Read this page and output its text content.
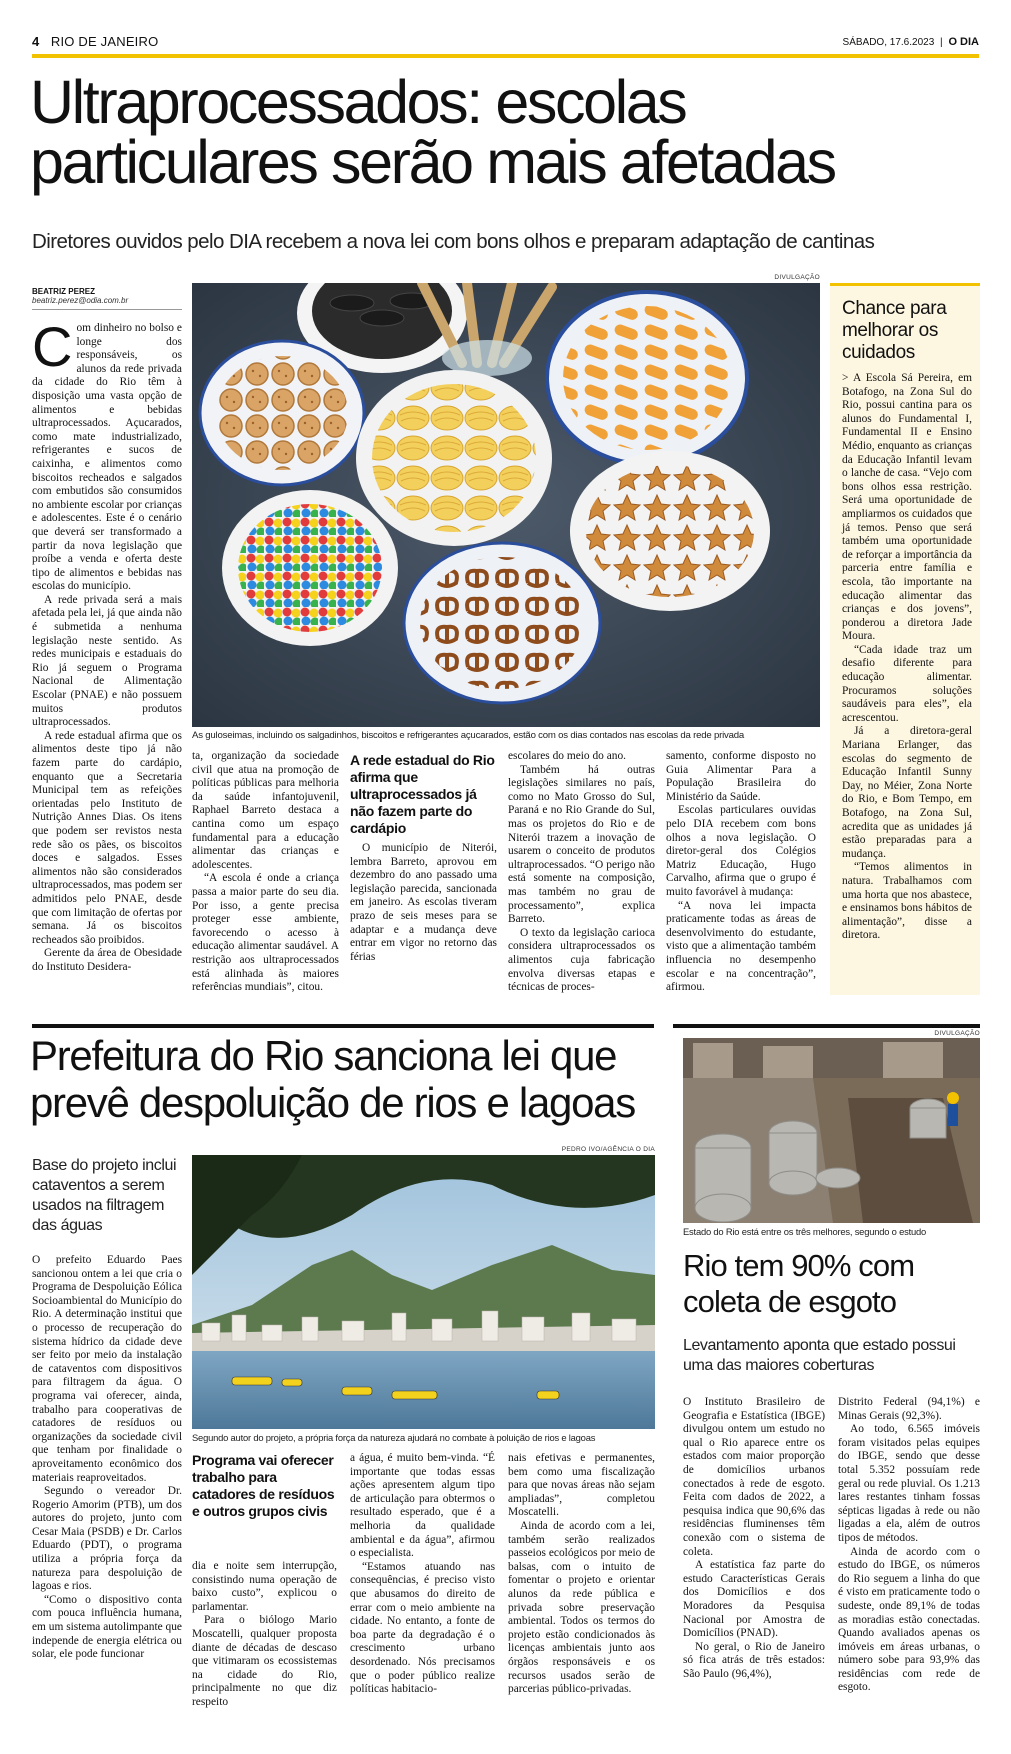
4 RIO DE JANEIRO	SÁBADO, 17.6.2023 | O DIA
Ultraprocessados: escolas
particulares serão mais afetadas
Diretores ouvidos pelo DIA recebem a nova lei com bons olhos e preparam adaptação de cantinas
BEATRIZ PEREZ
beatriz.perez@odia.com.br
DIVULGAÇÃO
As guloseimas, incluindo os salgadinhos, biscoitos e refrigerantes açucarados, estão com os dias contados nas escolas da rede privada

Com dinheiro no bolso e longe dos responsáveis, os alunos da rede privada da cidade do Rio têm à disposição uma vasta opção de alimentos e bebidas ultraprocessados. Açucarados, como mate industrializado, refrigerantes e sucos de caixinha, e alimentos como biscoitos recheados e salgados com embutidos são consumidos no ambiente escolar por crianças e adolescentes. Este é o cenário que deverá ser transformado a partir da nova legislação que proíbe a venda e oferta deste tipo de alimentos e bebidas nas escolas do município.

A rede privada será a mais afetada pela lei, já que ainda não é submetida a nenhuma legislação neste sentido. As redes municipais e estaduais do Rio já seguem o Programa Nacional de Alimentação Escolar (PNAE) e não possuem muitos produtos ultraprocessados.

A rede estadual afirma que os alimentos deste tipo já não fazem parte do cardápio, enquanto que a Secretaria Municipal tem as refeições orientadas pelo Instituto de Nutrição Annes Dias. Os itens que podem ser revistos nesta rede são os pães, os biscoitos doces e salgados. Esses alimentos não são considerados ultraprocessados, mas podem ser admitidos pelo PNAE, desde que com limitação de ofertas por semana. Já os biscoitos recheados são proibidos.

Gerente da área de Obesidade do Instituto Desidera-

ta, organização da sociedade civil que atua na promoção de políticas públicas para melhoria da saúde infantojuvenil, Raphael Barreto destaca a cantina como um espaço fundamental para a educação alimentar das crianças e adolescentes.

“A escola é onde a criança passa a maior parte do seu dia. Por isso, a gente precisa proteger esse ambiente, favorecendo o acesso à educação alimentar saudável. A restrição aos ultraprocessados está alinhada às maiores referências mundiais”, citou.

A rede estadual do Rio afirma que ultraprocessados já não fazem parte do cardápio

O município de Niterói, lembra Barreto, aprovou em dezembro do ano passado uma legislação parecida, sancionada em janeiro. As escolas tiveram prazo de seis meses para se adaptar e a mudança deve entrar em vigor no retorno das férias

escolares do meio do ano.

Também há outras legislações similares no país, como no Mato Grosso do Sul, Paraná e no Rio Grande do Sul, mas os projetos do Rio e de Niterói trazem a inovação de usarem o conceito de produtos ultraprocessados. “O perigo não está somente na composição, mas também no grau de processamento”, explica Barreto.

O texto da legislação carioca considera ultraprocessados os alimentos cuja fabricação envolva diversas etapas e técnicas de proces-

samento, conforme disposto no Guia Alimentar Para a População Brasileira do Ministério da Saúde.

Escolas particulares ouvidas pelo DIA recebem com bons olhos a nova legislação. O diretor-geral dos Colégios Matriz Educação, Hugo Carvalho, afirma que o grupo é muito favorável à mudança:

“A nova lei impacta praticamente todas as áreas de desenvolvimento do estudante, visto que a alimentação também influencia no desempenho escolar e na concentração”, afirmou.

Chance para melhorar os cuidados

> A Escola Sá Pereira, em Botafogo, na Zona Sul do Rio, possui cantina para os alunos do Fundamental I, Fundamental II e Ensino Médio, enquanto as crianças da Educação Infantil levam o lanche de casa. “Vejo com bons olhos essa restrição. Será uma oportunidade de ampliarmos os cuidados que já temos. Penso que será também uma oportunidade de reforçar a importância da parceria entre família e escola, tão importante na educação alimentar das crianças e dos jovens”, ponderou a diretora Jade Moura.

“Cada idade traz um desafio diferente para educação alimentar. Procuramos soluções saudáveis para eles”, ela acrescentou.

Já a diretora-geral Mariana Erlanger, das escolas do segmento de Educação Infantil Sunny Day, no Méier, Zona Norte do Rio, e Bom Tempo, em Botafogo, na Zona Sul, acredita que as unidades já estão preparadas para a mudança.

“Temos alimentos in natura. Trabalhamos com uma horta que nos abastece, e ensinamos bons hábitos de alimentação”, disse a diretora.

Prefeitura do Rio sanciona lei que
prevê despoluição de rios e lagoas
Base do projeto inclui cataventos a serem usados na filtragem das águas
PEDRO IVO/AGÊNCIA O DIA
Segundo autor do projeto, a própria força da natureza ajudará no combate à poluição de rios e lagoas

O prefeito Eduardo Paes sancionou ontem a lei que cria o Programa de Despoluição Eólica Socioambiental do Município do Rio. A determinação institui que o processo de recuperação do sistema hídrico da cidade deve ser feito por meio da instalação de cataventos com dispositivos para filtragem da água. O programa vai oferecer, ainda, trabalho para cooperativas de catadores de resíduos ou organizações da sociedade civil que tenham por finalidade o aproveitamento econômico dos materiais reaproveitados.

Segundo o vereador Dr. Rogerio Amorim (PTB), um dos autores do projeto, junto com Cesar Maia (PSDB) e Dr. Carlos Eduardo (PDT), o programa utiliza a própria força da natureza para despoluição de lagoas e rios.

“Como o dispositivo conta com pouca influência humana, em um sistema autolimpante que independe de energia elétrica ou solar, ele pode funcionar

Programa vai oferecer trabalho para catadores de resíduos e outros grupos civis

dia e noite sem interrupção, consistindo numa operação de baixo custo”, explicou o parlamentar.

Para o biólogo Mario Moscatelli, qualquer proposta diante de décadas de descaso que vitimaram os ecossistemas na cidade do Rio, principalmente no que diz respeito

a água, é muito bem-vinda. “É importante que todas essas ações apresentem algum tipo de articulação para obtermos o resultado esperado, que é a melhoria da qualidade ambiental e da água”, afirmou o especialista.

“Estamos atuando nas consequências, é preciso visto que abusamos do direito de errar com o meio ambiente na cidade. No entanto, a fonte de boa parte da degradação é o crescimento urbano desordenado. Nós precisamos que o poder público realize políticas habitacio-

nais efetivas e permanentes, bem como uma fiscalização para que novas áreas não sejam ampliadas”, completou Moscatelli.

Ainda de acordo com a lei, também serão realizados passeios ecológicos por meio de balsas, com o intuito de fomentar o projeto e orientar alunos da rede pública e privada sobre preservação ambiental. Todos os termos do projeto estão condicionados às licenças ambientais junto aos órgãos responsáveis e os recursos usados serão de parcerias público-privadas.

DIVULGAÇÃO
Estado do Rio está entre os três melhores, segundo o estudo
Rio tem 90% com coleta de esgoto
Levantamento aponta que estado possui uma das maiores coberturas

O Instituto Brasileiro de Geografia e Estatística (IBGE) divulgou ontem um estudo no qual o Rio aparece entre os estados com maior proporção de domicílios urbanos conectados à rede de esgoto. Feita com dados de 2022, a pesquisa indica que 90,6% das residências fluminenses têm conexão com o sistema de coleta.

A estatística faz parte do estudo Características Gerais dos Domicílios e dos Moradores da Pesquisa Nacional por Amostra de Domicílios (PNAD).

No geral, o Rio de Janeiro só fica atrás de três estados: São Paulo (96,4%),

Distrito Federal (94,1%) e Minas Gerais (92,3%).

Ao todo, 6.565 imóveis foram visitados pelas equipes do IBGE, sendo que desse total 5.352 possuíam rede geral ou rede pluvial. Os 1.213 lares restantes tinham fossas sépticas ligadas à rede ou não ligadas a ela, além de outros tipos de métodos.

Ainda de acordo com o estudo do IBGE, os números do Rio seguem a linha do que é visto em praticamente todo o sudeste, onde 89,1% de todas as moradias estão conectadas. Quando avaliados apenas os imóveis em áreas urbanas, o número sobe para 93,9% das residências com rede de esgoto.
